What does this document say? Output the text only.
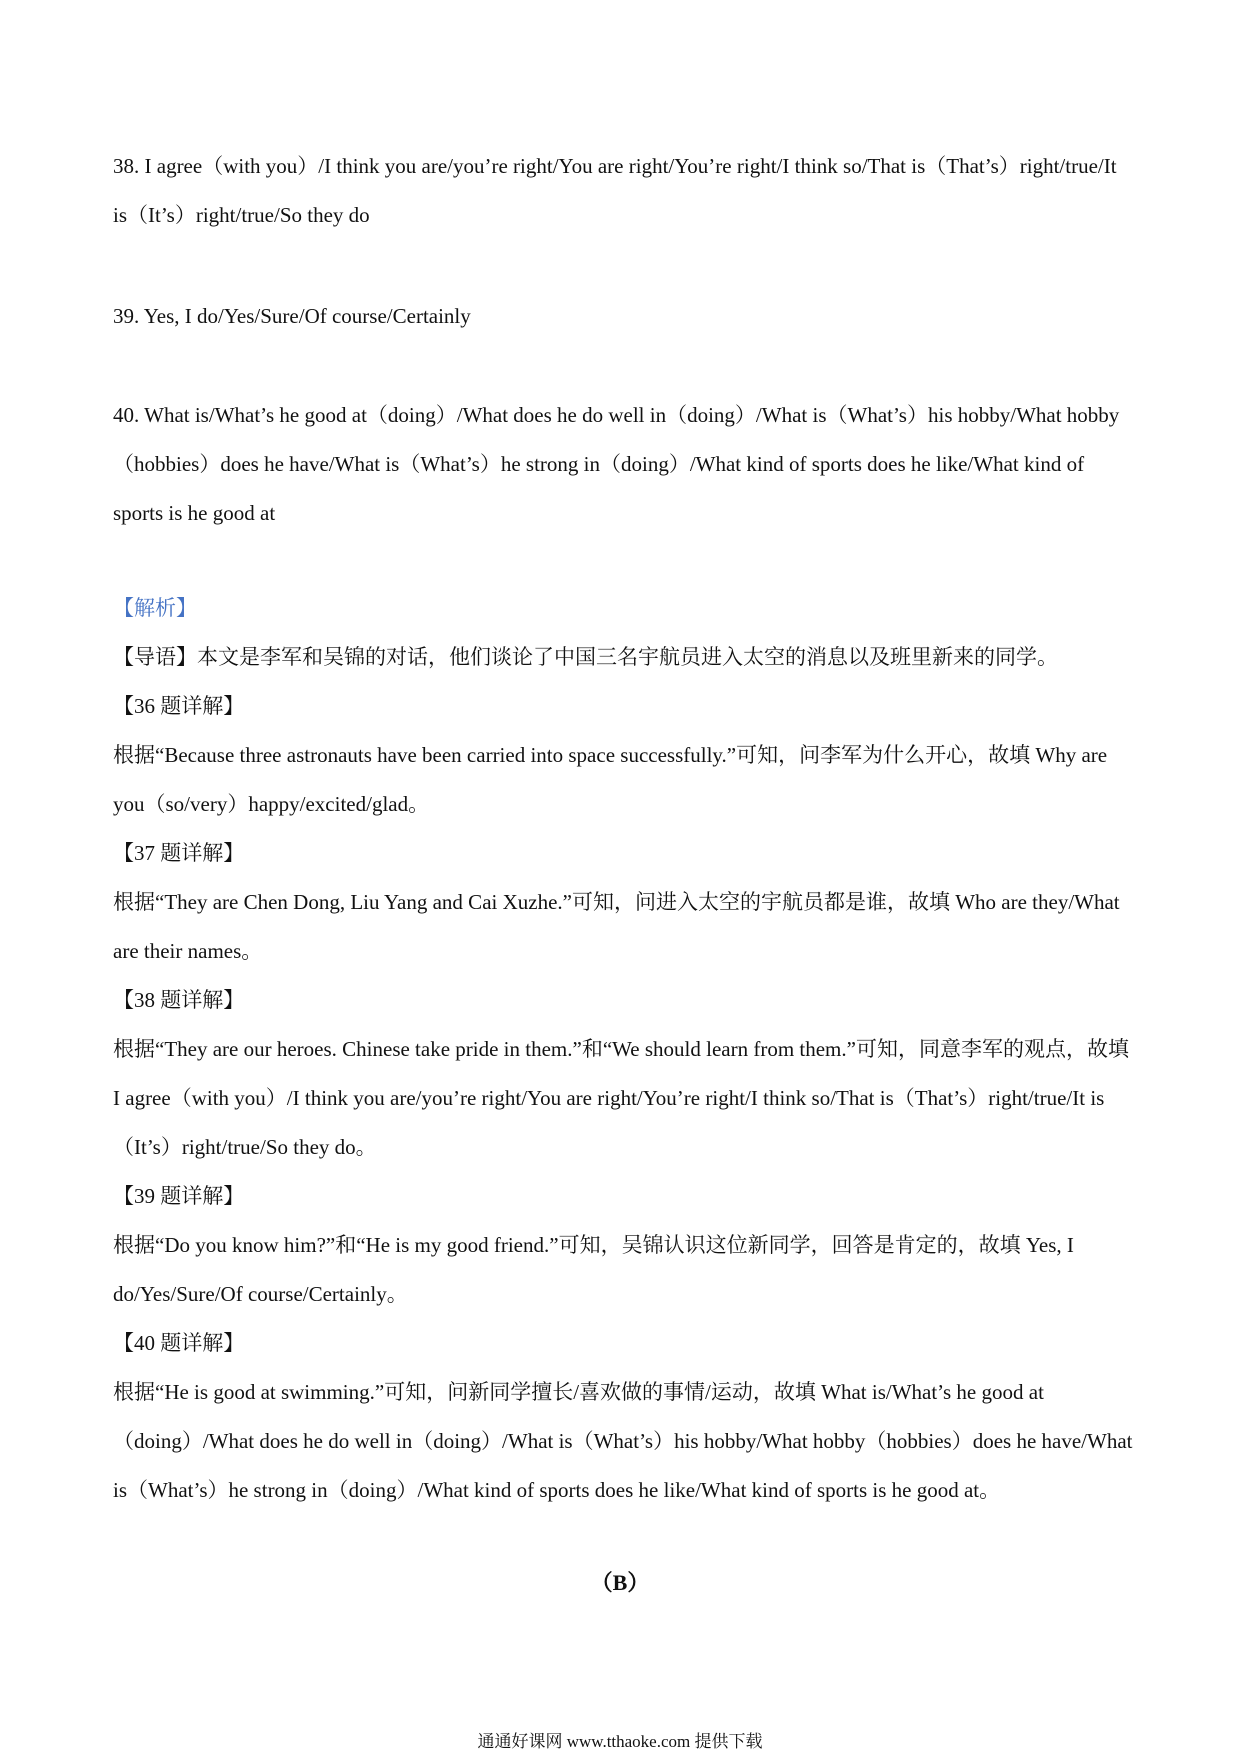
38. I agree（with you）/I think you are/you’re right/You are right/You’re right/I think so/That is（That’s）right/true/It is（It’s）right/true/So they do

39. Yes, I do/Yes/Sure/Of course/Certainly

40. What is/What’s he good at（doing）/What does he do well in（doing）/What is（What’s）his hobby/What hobby（hobbies）does he have/What is（What’s）he strong in（doing）/What kind of sports does he like/What kind of sports is he good at

【解析】

【导语】本文是李军和吴锦的对话，他们谈论了中国三名宇航员进入太空的消息以及班里新来的同学。

【36 题详解】

根据“Because three astronauts have been carried into space successfully.”可知，问李军为什么开心，故填 Why are you（so/very）happy/excited/glad。

【37 题详解】

根据“They are Chen Dong, Liu Yang and Cai Xuzhe.”可知，问进入太空的宇航员都是谁，故填 Who are they/What are their names。

【38 题详解】

根据“They are our heroes. Chinese take pride in them.”和“We should learn from them.”可知，同意李军的观点，故填 I agree（with you）/I think you are/you’re right/You are right/You’re right/I think so/That is（That’s）right/true/It is（It’s）right/true/So they do。

【39 题详解】

根据“Do you know him?”和“He is my good friend.”可知，吴锦认识这位新同学，回答是肯定的，故填 Yes, I do/Yes/Sure/Of course/Certainly。

【40 题详解】

根据“He is good at swimming.”可知，问新同学擅长/喜欢做的事情/运动，故填 What is/What’s he good at（doing）/What does he do well in（doing）/What is（What’s）his hobby/What hobby（hobbies）does he have/What is（What’s）he strong in（doing）/What kind of sports does he like/What kind of sports is he good at。

（B）
通通好课网 www.tthaoke.com 提供下载
